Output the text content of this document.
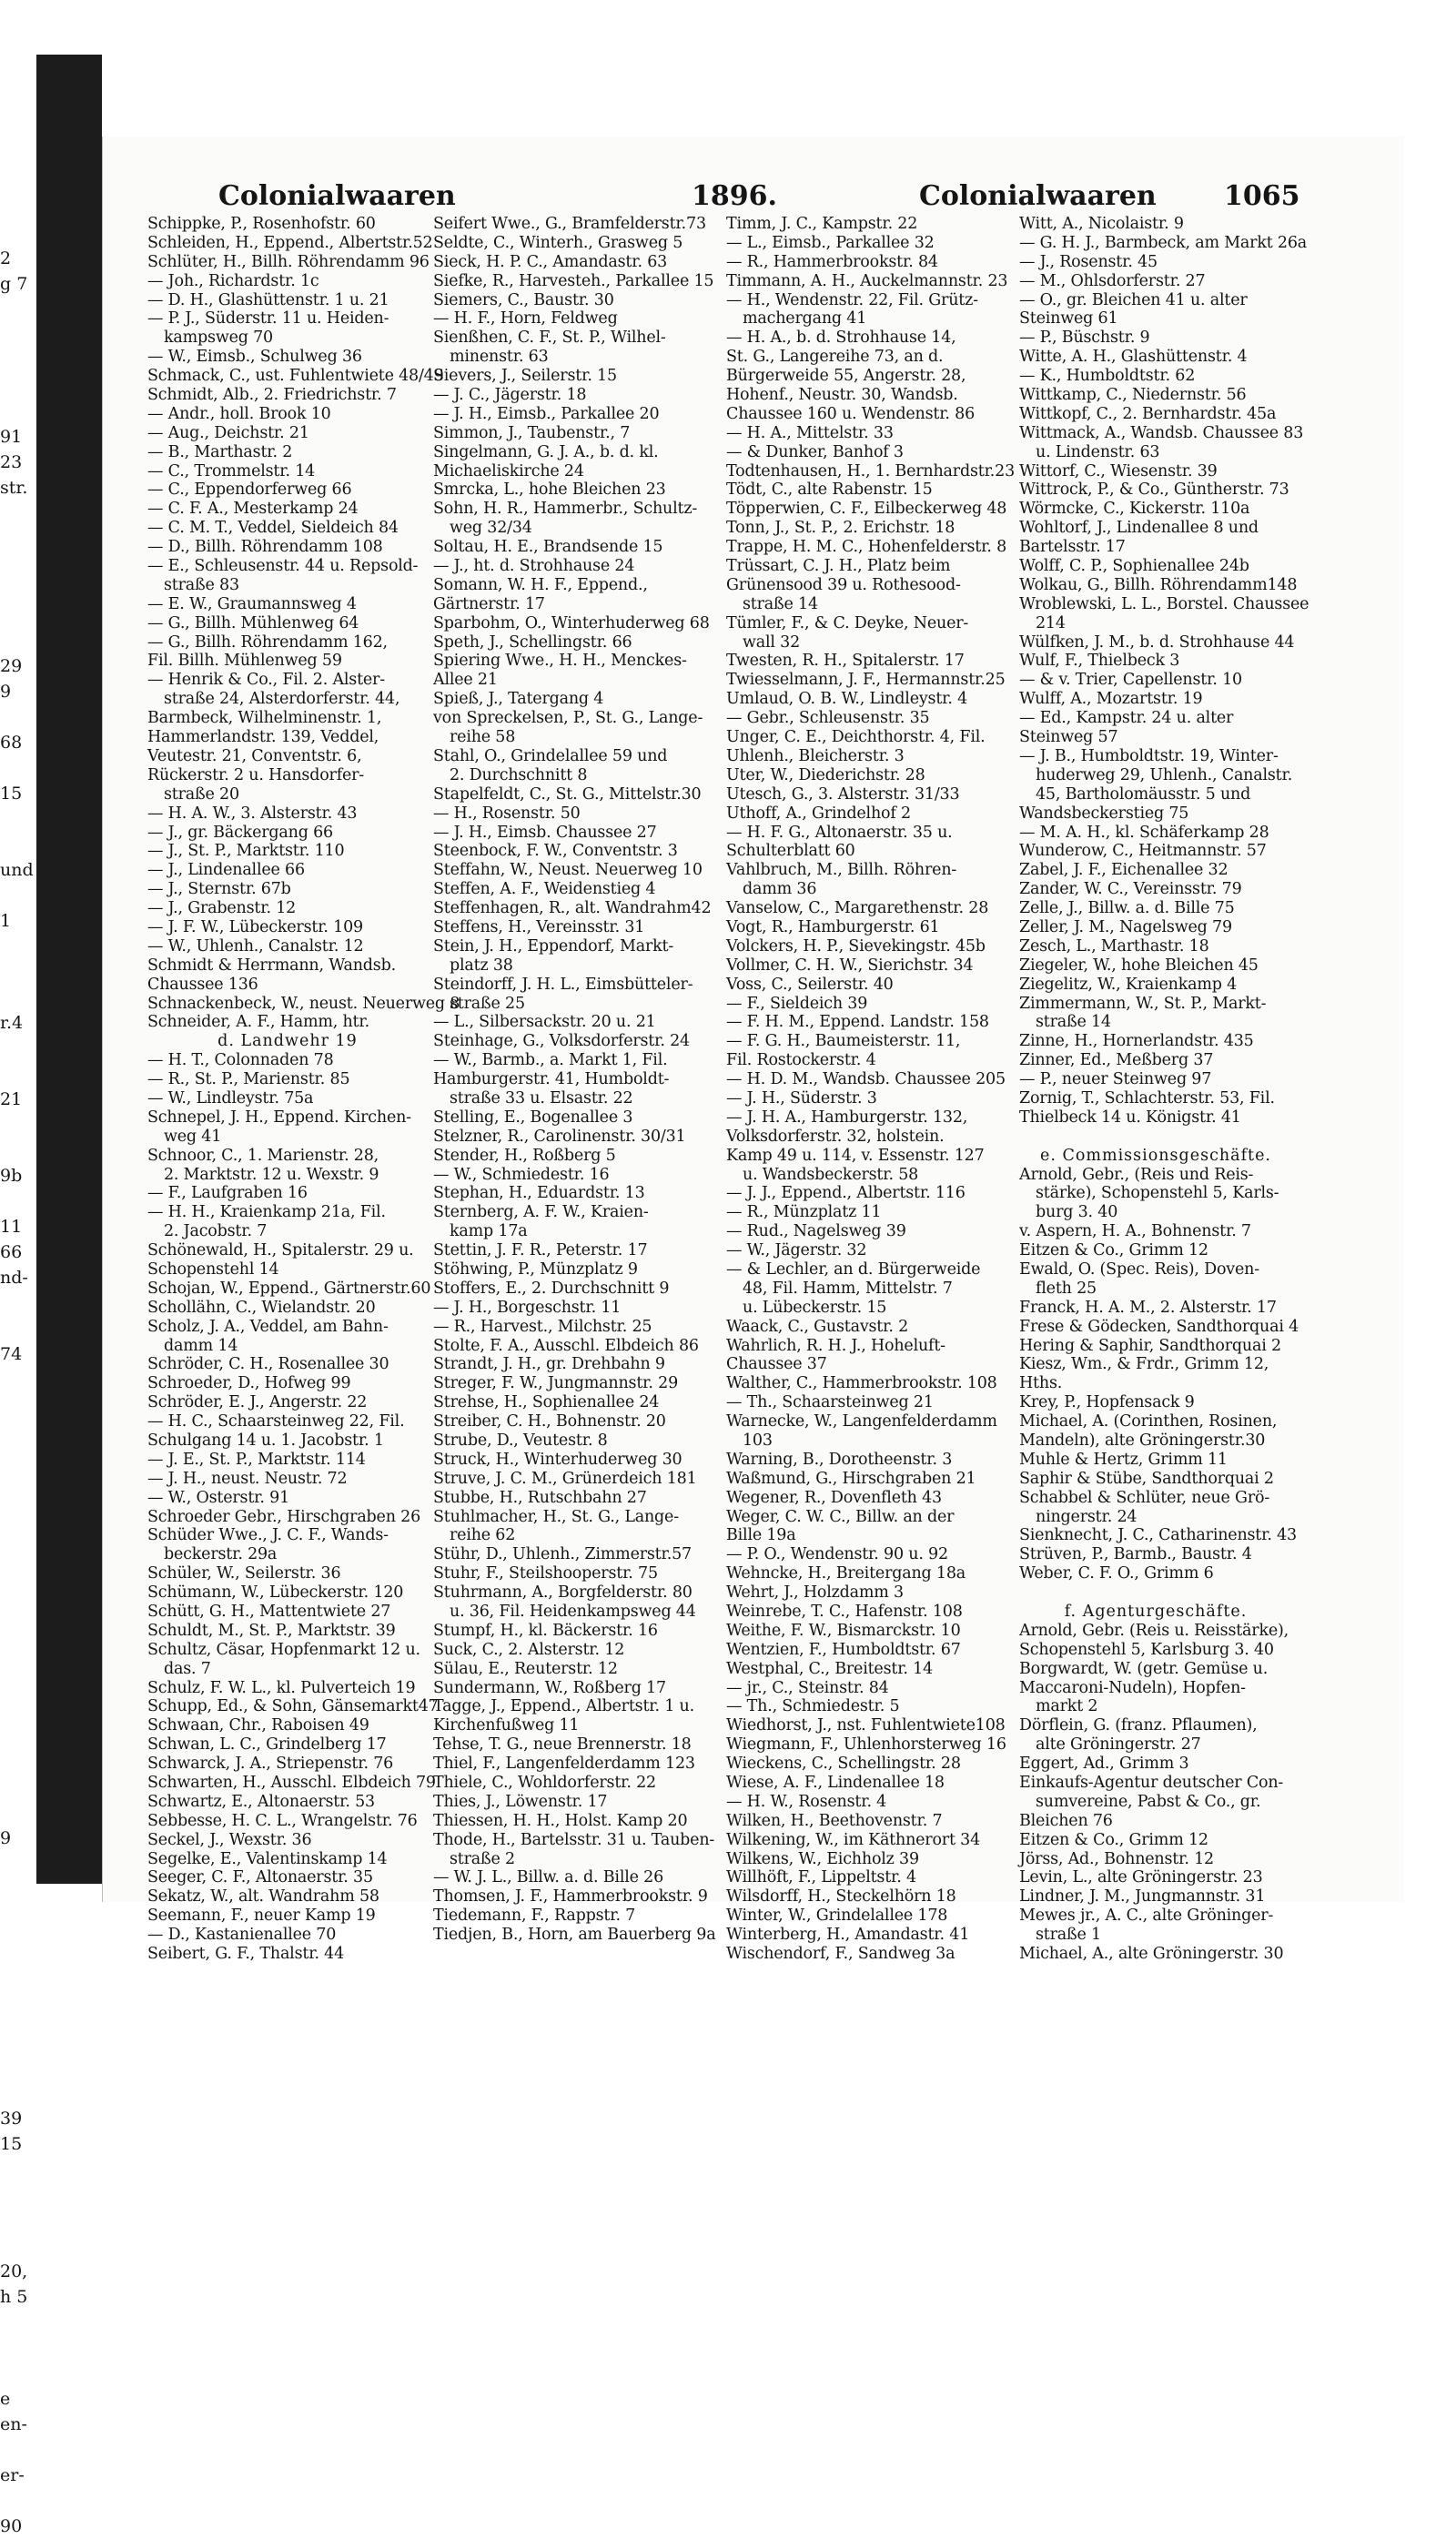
2
g 7
91
23
str.
29
9
68
15
und
1
r.4
21
9b
11
66
nd-
74
9
39
15
20,
h 5
e
en-
er-
90
Colonialwaaren	1896.	Colonialwaaren 1065
Schippke, P., Rosenhofstr. 60
Schleiden, H., Eppend., Albertstr.52
Schlüter, H., Billh. Röhrendamm 96
— Joh., Richardstr. 1c
— D. H., Glashüttenstr. 1 u. 21
— P. J., Süderstr. 11 u. Heiden-
kampsweg 70
— W., Eimsb., Schulweg 36
Schmack, C., ust. Fuhlentwiete 48/49
Schmidt, Alb., 2. Friedrichstr. 7
— Andr., holl. Brook 10
— Aug., Deichstr. 21
— B., Marthastr. 2
— C., Trommelstr. 14
— C., Eppendorferweg 66
— C. F. A., Mesterkamp 24
— C. M. T., Veddel, Sieldeich 84
— D., Billh. Röhrendamm 108
— E., Schleusenstr. 44 u. Repsold-
straße 83
— E. W., Graumannsweg 4
— G., Billh. Mühlenweg 64
— G., Billh. Röhrendamm 162,
Fil. Billh. Mühlenweg 59
— Henrik & Co., Fil. 2. Alster-
straße 24, Alsterdorferstr. 44,
Barmbeck, Wilhelminenstr. 1,
Hammerlandstr. 139, Veddel,
Veutestr. 21, Conventstr. 6,
Rückerstr. 2 u. Hansdorfer-
straße 20
— H. A. W., 3. Alsterstr. 43
— J., gr. Bäckergang 66
— J., St. P., Marktstr. 110
— J., Lindenallee 66
— J., Sternstr. 67b
— J., Grabenstr. 12
— J. F. W., Lübeckerstr. 109
— W., Uhlenh., Canalstr. 12
Schmidt & Herrmann, Wandsb.
Chaussee 136
Schnackenbeck, W., neust. Neuerweg 8
Schneider, A. F., Hamm, htr.
d. Landwehr 19
— H. T., Colonnaden 78
— R., St. P., Marienstr. 85
— W., Lindleystr. 75a
Schnepel, J. H., Eppend. Kirchen-
weg 41
Schnoor, C., 1. Marienstr. 28,
2. Marktstr. 12 u. Wexstr. 9
— F., Laufgraben 16
— H. H., Kraienkamp 21a, Fil.
2. Jacobstr. 7
Schönewald, H., Spitalerstr. 29 u.
Schopenstehl 14
Schojan, W., Eppend., Gärtnerstr.60
Schollähn, C., Wielandstr. 20
Scholz, J. A., Veddel, am Bahn-
damm 14
Schröder, C. H., Rosenallee 30
Schroeder, D., Hofweg 99
Schröder, E. J., Angerstr. 22
— H. C., Schaarsteinweg 22, Fil.
Schulgang 14 u. 1. Jacobstr. 1
— J. E., St. P., Marktstr. 114
— J. H., neust. Neustr. 72
— W., Osterstr. 91
Schroeder Gebr., Hirschgraben 26
Schüder Wwe., J. C. F., Wands-
beckerstr. 29a
Schüler, W., Seilerstr. 36
Schümann, W., Lübeckerstr. 120
Schütt, G. H., Mattentwiete 27
Schuldt, M., St. P., Marktstr. 39
Schultz, Cäsar, Hopfenmarkt 12 u.
das. 7
Schulz, F. W. L., kl. Pulverteich 19
Schupp, Ed., & Sohn, Gänsemarkt47
Schwaan, Chr., Raboisen 49
Schwan, L. C., Grindelberg 17
Schwarck, J. A., Striepenstr. 76
Schwarten, H., Ausschl. Elbdeich 79
Schwartz, E., Altonaerstr. 53
Sebbesse, H. C. L., Wrangelstr. 76
Seckel, J., Wexstr. 36
Segelke, E., Valentinskamp 14
Seeger, C. F., Altonaerstr. 35
Sekatz, W., alt. Wandrahm 58
Seemann, F., neuer Kamp 19
— D., Kastanienallee 70
Seibert, G. F., Thalstr. 44
Seifert Wwe., G., Bramfelderstr.73
Seldte, C., Winterh., Grasweg 5
Sieck, H. P. C., Amandastr. 63
Siefke, R., Harvesteh., Parkallee 15
Siemers, C., Baustr. 30
— H. F., Horn, Feldweg
Sienßhen, C. F., St. P., Wilhel-
minenstr. 63
Sievers, J., Seilerstr. 15
— J. C., Jägerstr. 18
— J. H., Eimsb., Parkallee 20
Simmon, J., Taubenstr., 7
Singelmann, G. J. A., b. d. kl.
Michaeliskirche 24
Smrcka, L., hohe Bleichen 23
Sohn, H. R., Hammerbr., Schultz-
weg 32/34
Soltau, H. E., Brandsende 15
— J., ht. d. Strohhause 24
Somann, W. H. F., Eppend.,
Gärtnerstr. 17
Sparbohm, O., Winterhuderweg 68
Speth, J., Schellingstr. 66
Spiering Wwe., H. H., Menckes-
Allee 21
Spieß, J., Tatergang 4
von Spreckelsen, P., St. G., Lange-
reihe 58
Stahl, O., Grindelallee 59 und
2. Durchschnitt 8
Stapelfeldt, C., St. G., Mittelstr.30
— H., Rosenstr. 50
— J. H., Eimsb. Chaussee 27
Steenbock, F. W., Conventstr. 3
Steffahn, W., Neust. Neuerweg 10
Steffen, A. F., Weidenstieg 4
Steffenhagen, R., alt. Wandrahm42
Steffens, H., Vereinsstr. 31
Stein, J. H., Eppendorf, Markt-
platz 38
Steindorff, J. H. L., Eimsbütteler-
straße 25
— L., Silbersackstr. 20 u. 21
Steinhage, G., Volksdorferstr. 24
— W., Barmb., a. Markt 1, Fil.
Hamburgerstr. 41, Humboldt-
straße 33 u. Elsastr. 22
Stelling, E., Bogenallee 3
Stelzner, R., Carolinenstr. 30/31
Stender, H., Roßberg 5
— W., Schmiedestr. 16
Stephan, H., Eduardstr. 13
Sternberg, A. F. W., Kraien-
kamp 17a
Stettin, J. F. R., Peterstr. 17
Stöhwing, P., Münzplatz 9
Stoffers, E., 2. Durchschnitt 9
— J. H., Borgeschstr. 11
— R., Harvest., Milchstr. 25
Stolte, F. A., Ausschl. Elbdeich 86
Strandt, J. H., gr. Drehbahn 9
Streger, F. W., Jungmannstr. 29
Strehse, H., Sophienallee 24
Streiber, C. H., Bohnenstr. 20
Strube, D., Veutestr. 8
Struck, H., Winterhuderweg 30
Struve, J. C. M., Grünerdeich 181
Stubbe, H., Rutschbahn 27
Stuhlmacher, H., St. G., Lange-
reihe 62
Stühr, D., Uhlenh., Zimmerstr.57
Stuhr, F., Steilshooperstr. 75
Stuhrmann, A., Borgfelderstr. 80
u. 36, Fil. Heidenkampsweg 44
Stumpf, H., kl. Bäckerstr. 16
Suck, C., 2. Alsterstr. 12
Sülau, E., Reuterstr. 12
Sundermann, W., Roßberg 17
Tagge, J., Eppend., Albertstr. 1 u.
Kirchenfußweg 11
Tehse, T. G., neue Brennerstr. 18
Thiel, F., Langenfelderdamm 123
Thiele, C., Wohldorferstr. 22
Thies, J., Löwenstr. 17
Thiessen, H. H., Holst. Kamp 20
Thode, H., Bartelsstr. 31 u. Tauben-
straße 2
— W. J. L., Billw. a. d. Bille 26
Thomsen, J. F., Hammerbrookstr. 9
Tiedemann, F., Rappstr. 7
Tiedjen, B., Horn, am Bauerberg 9a
Timm, J. C., Kampstr. 22
— L., Eimsb., Parkallee 32
— R., Hammerbrookstr. 84
Timmann, A. H., Auckelmannstr. 23
— H., Wendenstr. 22, Fil. Grütz-
machergang 41
— H. A., b. d. Strohhause 14,
St. G., Langereihe 73, an d.
Bürgerweide 55, Angerstr. 28,
Hohenf., Neustr. 30, Wandsb.
Chaussee 160 u. Wendenstr. 86
— H. A., Mittelstr. 33
— & Dunker, Banhof 3
Todtenhausen, H., 1. Bernhardstr.23
Tödt, C., alte Rabenstr. 15
Töpperwien, C. F., Eilbeckerweg 48
Tonn, J., St. P., 2. Erichstr. 18
Trappe, H. M. C., Hohenfelderstr. 8
Trüssart, C. J. H., Platz beim
Grünensood 39 u. Rothesood-
straße 14
Tümler, F., & C. Deyke, Neuer-
wall 32
Twesten, R. H., Spitalerstr. 17
Twiesselmann, J. F., Hermannstr.25
Umlaud, O. B. W., Lindleystr. 4
— Gebr., Schleusenstr. 35
Unger, C. E., Deichthorstr. 4, Fil.
Uhlenh., Bleicherstr. 3
Uter, W., Diederichstr. 28
Utesch, G., 3. Alsterstr. 31/33
Uthoff, A., Grindelhof 2
— H. F. G., Altonaerstr. 35 u.
Schulterblatt 60
Vahlbruch, M., Billh. Röhren-
damm 36
Vanselow, C., Margarethenstr. 28
Vogt, R., Hamburgerstr. 61
Volckers, H. P., Sievekingstr. 45b
Vollmer, C. H. W., Sierichstr. 34
Voss, C., Seilerstr. 40
— F., Sieldeich 39
— F. H. M., Eppend. Landstr. 158
— F. G. H., Baumeisterstr. 11,
Fil. Rostockerstr. 4
— H. D. M., Wandsb. Chaussee 205
— J. H., Süderstr. 3
— J. H. A., Hamburgerstr. 132,
Volksdorferstr. 32, holstein.
Kamp 49 u. 114, v. Essenstr. 127
u. Wandsbeckerstr. 58
— J. J., Eppend., Albertstr. 116
— R., Münzplatz 11
— Rud., Nagelsweg 39
— W., Jägerstr. 32
— & Lechler, an d. Bürgerweide
48, Fil. Hamm, Mittelstr. 7
u. Lübeckerstr. 15
Waack, C., Gustavstr. 2
Wahrlich, R. H. J., Hoheluft-
Chaussee 37
Walther, C., Hammerbrookstr. 108
— Th., Schaarsteinweg 21
Warnecke, W., Langenfelderdamm
103
Warning, B., Dorotheenstr. 3
Waßmund, G., Hirschgraben 21
Wegener, R., Dovenfleth 43
Weger, C. W. C., Billw. an der
Bille 19a
— P. O., Wendenstr. 90 u. 92
Wehncke, H., Breitergang 18a
Wehrt, J., Holzdamm 3
Weinrebe, T. C., Hafenstr. 108
Weithe, F. W., Bismarckstr. 10
Wentzien, F., Humboldtstr. 67
Westphal, C., Breitestr. 14
— jr., C., Steinstr. 84
— Th., Schmiedestr. 5
Wiedhorst, J., nst. Fuhlentwiete108
Wiegmann, F., Uhlenhorsterweg 16
Wieckens, C., Schellingstr. 28
Wiese, A. F., Lindenallee 18
— H. W., Rosenstr. 4
Wilken, H., Beethovenstr. 7
Wilkening, W., im Käthnerort 34
Wilkens, W., Eichholz 39
Willhöft, F., Lippeltstr. 4
Wilsdorff, H., Steckelhörn 18
Winter, W., Grindelallee 178
Winterberg, H., Amandastr. 41
Wischendorf, F., Sandweg 3a
Witt, A., Nicolaistr. 9
— G. H. J., Barmbeck, am Markt 26a
— J., Rosenstr. 45
— M., Ohlsdorferstr. 27
— O., gr. Bleichen 41 u. alter
Steinweg 61
— P., Büschstr. 9
Witte, A. H., Glashüttenstr. 4
— K., Humboldtstr. 62
Wittkamp, C., Niedernstr. 56
Wittkopf, C., 2. Bernhardstr. 45a
Wittmack, A., Wandsb. Chaussee 83
u. Lindenstr. 63
Wittorf, C., Wiesenstr. 39
Wittrock, P., & Co., Güntherstr. 73
Wörmcke, C., Kickerstr. 110a
Wohltorf, J., Lindenallee 8 und
Bartelsstr. 17
Wolff, C. P., Sophienallee 24b
Wolkau, G., Billh. Röhrendamm148
Wroblewski, L. L., Borstel. Chaussee
214
Wülfken, J. M., b. d. Strohhause 44
Wulf, F., Thielbeck 3
— & v. Trier, Capellenstr. 10
Wulff, A., Mozartstr. 19
— Ed., Kampstr. 24 u. alter
Steinweg 57
— J. B., Humboldtstr. 19, Winter-
huderweg 29, Uhlenh., Canalstr.
45, Bartholomäusstr. 5 und
Wandsbeckerstieg 75
— M. A. H., kl. Schäferkamp 28
Wunderow, C., Heitmannstr. 57
Zabel, J. F., Eichenallee 32
Zander, W. C., Vereinsstr. 79
Zelle, J., Billw. a. d. Bille 75
Zeller, J. M., Nagelsweg 79
Zesch, L., Marthastr. 18
Ziegeler, W., hohe Bleichen 45
Ziegelitz, W., Kraienkamp 4
Zimmermann, W., St. P., Markt-
straße 14
Zinne, H., Hornerlandstr. 435
Zinner, Ed., Meßberg 37
— P., neuer Steinweg 97
Zornig, T., Schlachterstr. 53, Fil.
Thielbeck 14 u. Königstr. 41
e. Commissionsgeschäfte.
Arnold, Gebr., (Reis und Reis-
stärke), Schopenstehl 5, Karls-
burg 3. 40
v. Aspern, H. A., Bohnenstr. 7
Eitzen & Co., Grimm 12
Ewald, O. (Spec. Reis), Doven-
fleth 25
Franck, H. A. M., 2. Alsterstr. 17
Frese & Gödecken, Sandthorquai 4
Hering & Saphir, Sandthorquai 2
Kiesz, Wm., & Frdr., Grimm 12,
Hths.
Krey, P., Hopfensack 9
Michael, A. (Corinthen, Rosinen,
Mandeln), alte Gröningerstr.30
Muhle & Hertz, Grimm 11
Saphir & Stübe, Sandthorquai 2
Schabbel & Schlüter, neue Grö-
ningerstr. 24
Sienknecht, J. C., Catharinenstr. 43
Strüven, P., Barmb., Baustr. 4
Weber, C. F. O., Grimm 6
f. Agenturgeschäfte.
Arnold, Gebr. (Reis u. Reisstärke),
Schopenstehl 5, Karlsburg 3. 40
Borgwardt, W. (getr. Gemüse u.
Maccaroni-Nudeln), Hopfen-
markt 2
Dörflein, G. (franz. Pflaumen),
alte Gröningerstr. 27
Eggert, Ad., Grimm 3
Einkaufs-Agentur deutscher Con-
sumvereine, Pabst & Co., gr.
Bleichen 76
Eitzen & Co., Grimm 12
Jörss, Ad., Bohnenstr. 12
Levin, L., alte Gröningerstr. 23
Lindner, J. M., Jungmannstr. 31
Mewes jr., A. C., alte Gröninger-
straße 1
Michael, A., alte Gröningerstr. 30
